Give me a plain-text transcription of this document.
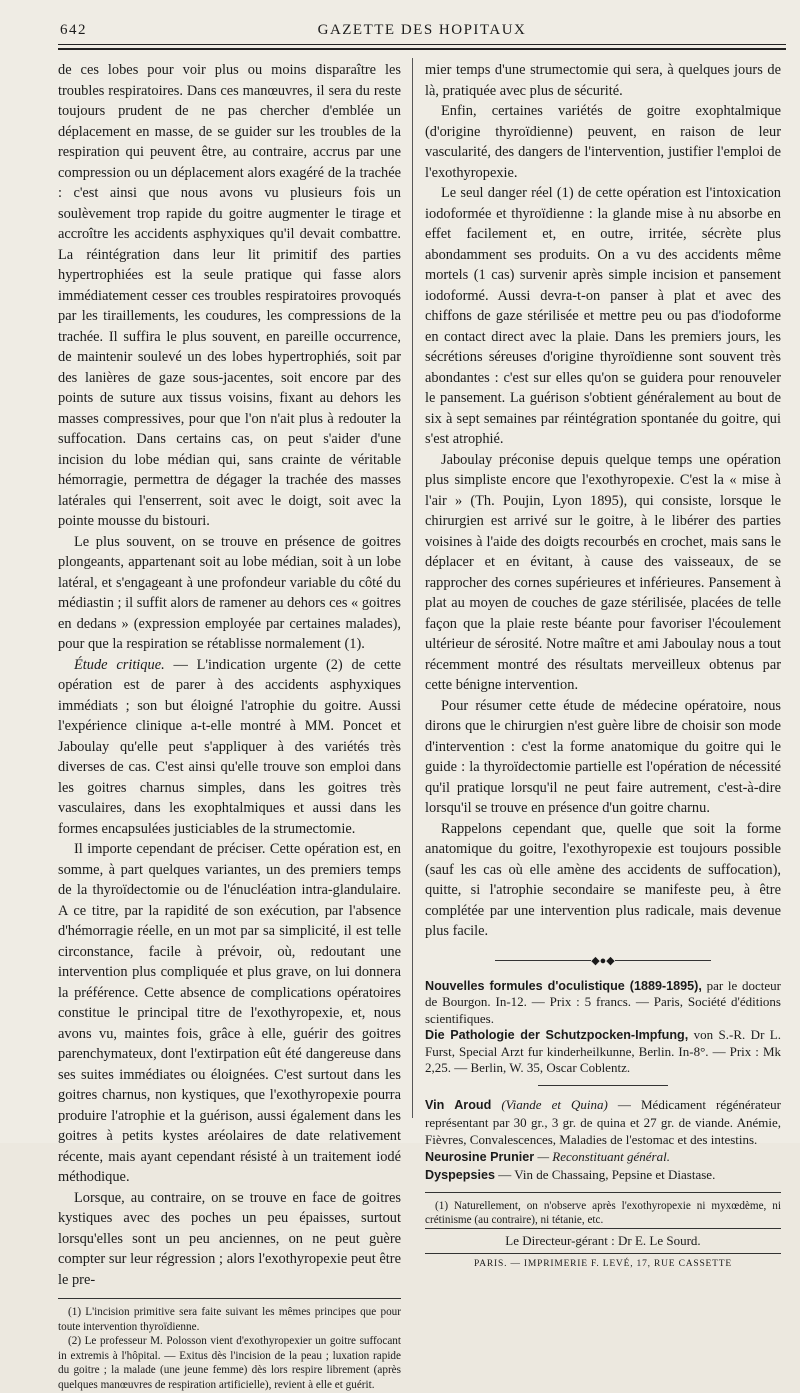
642	GAZETTE DES HOPITAUX

de ces lobes pour voir plus ou moins disparaître les troubles respiratoires. Dans ces manœuvres, il sera du reste toujours prudent de ne pas chercher d'emblée un déplacement en masse, de se guider sur les troubles de la respiration qui peuvent être, au contraire, accrus par une compression ou un déplacement alors exagéré de la trachée : c'est ainsi que nous avons vu plusieurs fois un soulèvement trop rapide du goitre augmenter le tirage et accroître les accidents asphyxiques qu'il devait combattre. La réintégration dans leur lit primitif des parties hypertrophiées est la seule pratique qui fasse alors immédiatement cesser ces troubles respiratoires provoqués par les tiraillements, les coudures, les compressions de la trachée. Il suffira le plus souvent, en pareille occurrence, de maintenir soulevé un des lobes hypertrophiés, soit par des lanières de gaze sous-jacentes, soit encore par des points de suture aux tissus voisins, fixant au dehors les masses compressives, pour que l'on n'ait plus à redouter la suffocation. Dans certains cas, on peut s'aider d'une incision du lobe médian qui, sans crainte de véritable hémorragie, permettra de dégager la trachée des masses latérales qui l'enserrent, soit avec le doigt, soit avec la pointe mousse du bistouri.

Le plus souvent, on se trouve en présence de goitres plongeants, appartenant soit au lobe médian, soit à un lobe latéral, et s'engageant à une profondeur variable du côté du médiastin ; il suffit alors de ramener au dehors ces « goitres en dedans » (expression employée par certaines malades), pour que la respiration se rétablisse normalement (1).

Étude critique. — L'indication urgente (2) de cette opération est de parer à des accidents asphyxiques immédiats ; son but éloigné l'atrophie du goitre. Aussi l'expérience clinique a-t-elle montré à MM. Poncet et Jaboulay qu'elle peut s'appliquer à des variétés très diverses de cas. C'est ainsi qu'elle trouve son emploi dans les goitres charnus simples, dans les goitres très vasculaires, dans les exophtalmiques et aussi dans les formes encapsulées justiciables de la strumectomie.

Il importe cependant de préciser. Cette opération est, en somme, à part quelques variantes, un des premiers temps de la thyroïdectomie ou de l'énucléation intra-glandulaire. A ce titre, par la rapidité de son exécution, par l'absence d'hémorragie réelle, en un mot par sa simplicité, il est telle circonstance, facile à prévoir, où, redoutant une intervention plus compliquée et plus grave, on lui donnera la préférence. Cette absence de complications opératoires constitue le principal titre de l'exothyropexie, et, nous avons vu, maintes fois, grâce à elle, guérir des goitres parenchymateux, dont l'extirpation eût été dangereuse dans ses suites immédiates ou éloignées. C'est surtout dans les goitres charnus, non kystiques, que l'exothyropexie pourra produire l'atrophie et la guérison, aussi également dans les goitres à petits kystes aréolaires de date relativement récente, mais ayant cependant résisté à un traitement iodé méthodique.

Lorsque, au contraire, on se trouve en face de goitres kystiques avec des poches un peu épaisses, surtout lorsqu'elles sont un peu anciennes, on ne peut guère compter sur leur régression ; alors l'exothyropexie peut être le pre-

(1) L'incision primitive sera faite suivant les mêmes principes que pour toute intervention thyroïdienne.

(2) Le professeur M. Polosson vient d'exothyropexier un goitre suffocant in extremis à l'hôpital. — Exitus dès l'incision de la peau ; luxation rapide du goitre ; la malade (une jeune femme) dès lors respire librement (après quelques manœuvres de respiration artificielle), revient à elle et guérit.

mier temps d'une strumectomie qui sera, à quelques jours de là, pratiquée avec plus de sécurité.

Enfin, certaines variétés de goitre exophtalmique (d'origine thyroïdienne) peuvent, en raison de leur vascularité, des dangers de l'intervention, justifier l'emploi de l'exothyropexie.

Le seul danger réel (1) de cette opération est l'intoxication iodoformée et thyroïdienne : la glande mise à nu absorbe en effet facilement et, en outre, irritée, sécrète plus abondamment ses produits. On a vu des accidents même mortels (1 cas) survenir après simple incision et pansement iodoformé. Aussi devra-t-on panser à plat et avec des chiffons de gaze stérilisée et mettre peu ou pas d'iodoforme en contact direct avec la plaie. Dans les premiers jours, les sécrétions séreuses d'origine thyroïdienne sont souvent très abondantes : c'est sur elles qu'on se guidera pour renouveler le pansement. La guérison s'obtient généralement au bout de six à sept semaines par réintégration spontanée du goitre, qui s'est atrophié.

Jaboulay préconise depuis quelque temps une opération plus simpliste encore que l'exothyropexie. C'est la « mise à l'air » (Th. Poujin, Lyon 1895), qui consiste, lorsque le chirurgien est arrivé sur le goitre, à le libérer des parties voisines à l'aide des doigts recourbés en crochet, mais sans le déplacer et en évitant, à cause des vaisseaux, de se rapprocher des cornes supérieures et inférieures. Pansement à plat au moyen de couches de gaze stérilisée, placées de telle façon que la plaie reste béante pour favoriser l'écoulement ultérieur de sérosité. Notre maître et ami Jaboulay nous a tout récemment montré des résultats merveilleux obtenus par cette bénigne intervention.

Pour résumer cette étude de médecine opératoire, nous dirons que le chirurgien n'est guère libre de choisir son mode d'intervention : c'est la forme anatomique du goitre qui le guide : la thyroïdectomie partielle est l'opération de nécessité qu'il pratique lorsqu'il ne peut faire autrement, c'est-à-dire lorsqu'il se trouve en présence d'un goitre charnu.

Rappelons cependant que, quelle que soit la forme anatomique du goitre, l'exothyropexie est toujours possible (sauf les cas où elle amène des accidents de suffocation), quitte, si l'atrophie secondaire se manifeste peu, à être complétée par une intervention plus radicale, mais devenue plus facile.

◆●◆

Nouvelles formules d'oculistique (1889-1895), par le docteur de Bourgon. In-12. — Prix : 5 francs. — Paris, Société d'éditions scientifiques.

Die Pathologie der Schutzpocken-Impfung, von S.-R. Dr L. Furst, Special Arzt fur kinderheilkunne, Berlin. In-8°. — Prix : Mk 2,25. — Berlin, W. 35, Oscar Coblentz.

Vin Aroud (Viande et Quina) — Médicament régénérateur représentant par 30 gr., 3 gr. de quina et 27 gr. de viande. Anémie, Fièvres, Convalescences, Maladies de l'estomac et des intestins.

Neurosine Prunier — Reconstituant général.

Dyspepsies — Vin de Chassaing, Pepsine et Diastase.

(1) Naturellement, on n'observe après l'exothyropexie ni myxœdème, ni crétinisme (au contraire), ni tétanie, etc.

Le Directeur-gérant : Dr E. Le Sourd.

PARIS. — IMPRIMERIE F. LEVÉ, 17, RUE CASSETTE
